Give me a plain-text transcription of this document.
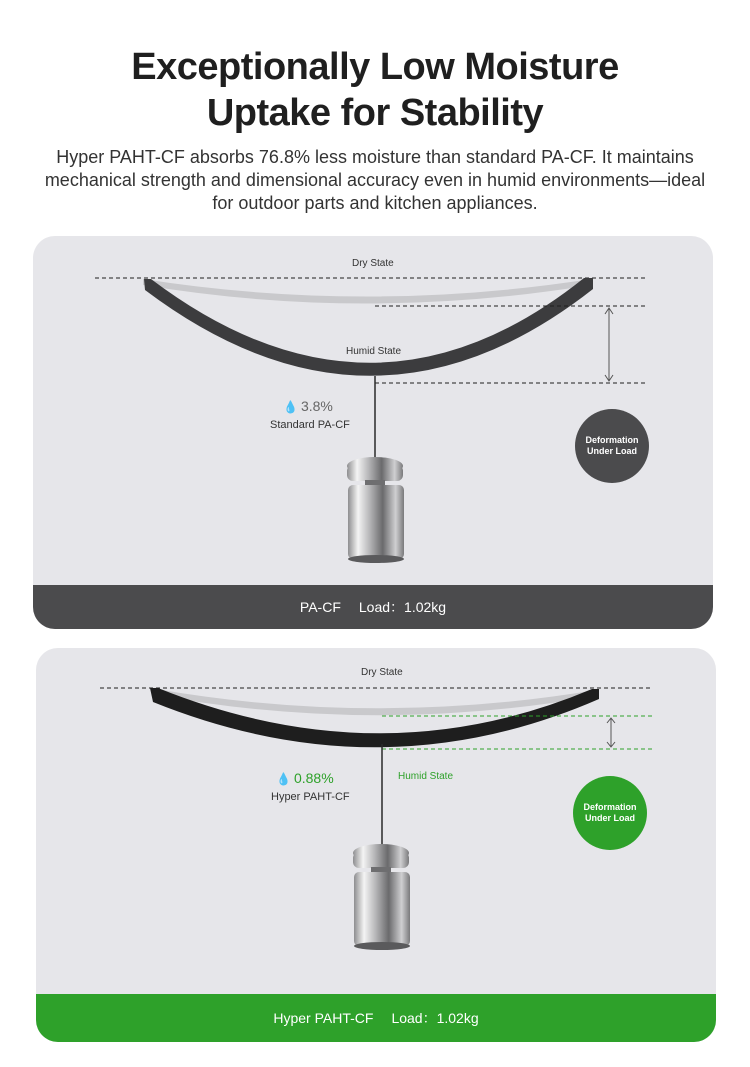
Exceptionally Low Moisture
Uptake for Stability

Hyper PAHT-CF absorbs 76.8% less moisture than standard PA-CF. It maintains mechanical strength and dimensional accuracy even in humid environments—ideal for outdoor parts and kitchen appliances.

Dry State
Humid State
💧 3.8%
Standard PA-CF
Deformation
Under Load
PA-CF Load：1.02kg
Dry State
Humid State
💧 0.88%
Hyper PAHT-CF
Deformation
Under Load
Hyper PAHT-CF Load：1.02kg
